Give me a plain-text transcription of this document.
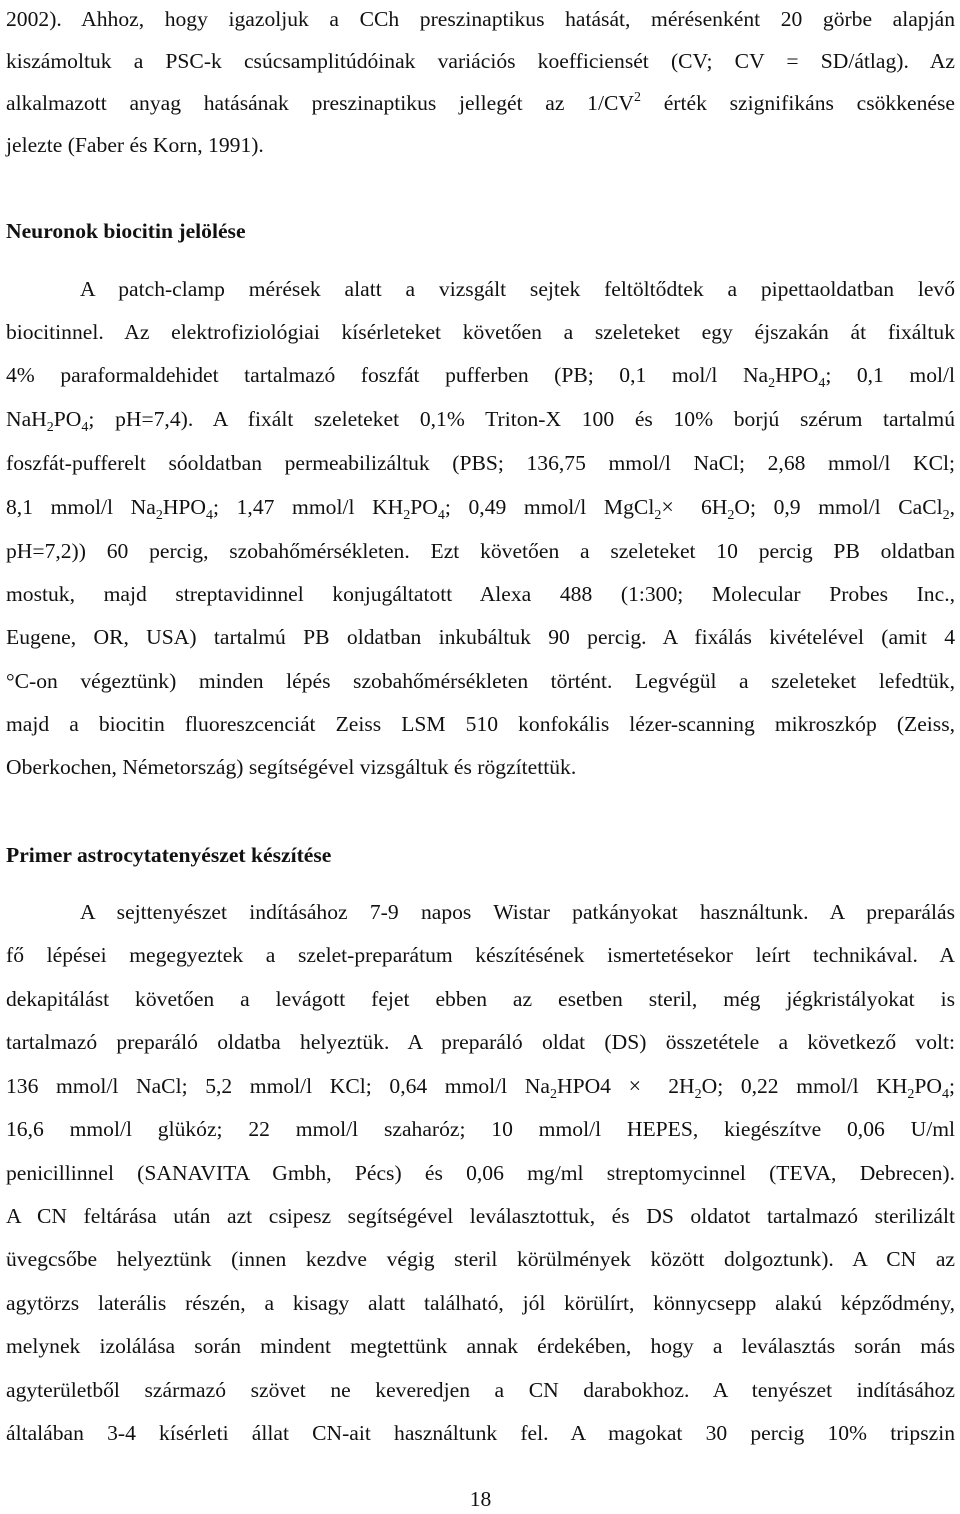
2002). Ahhoz, hogy igazoljuk a CCh preszinaptikus hatását, mérésenként 20 görbe alapján
kiszámoltuk a PSC-k csúcsamplitúdóinak variációs koefficiensét (CV; CV = SD/átlag). Az
alkalmazott anyag hatásának preszinaptikus jellegét az $1/CV^2$ érték szignifikáns csökkenése
jelezte (Faber és Korn, 1991).
Neuronok biocitin jelölése
A patch-clamp mérések alatt a vizsgált sejtek feltöltődtek a pipettaoldatban levő
biocitinnel. Az elektrofiziológiai kísérleteket követően a szeleteket egy éjszakán át fixáltuk
4% paraformaldehidet tartalmazó foszfát pufferben (PB; 0,1 mol/l $Na_2HPO_4$; 0,1 mol/l
$NaH_2PO_4$; pH=7,4). A fixált szeleteket 0,1% Triton-X 100 és 10% borjú szérum tartalmú
foszfát-pufferelt sóoldatban permeabilizáltuk (PBS; 136,75 mmol/l NaCl; 2,68 mmol/l KCl;
8,1 mmol/l $Na_2HPO_4$; 1,47 mmol/l $KH_2PO_4$; 0,49 mmol/l MgCl$_2$× $6H_2O$; 0,9 mmol/l CaCl$_2$,
pH=7,2)) 60 percig, szobahőmérsékleten. Ezt követően a szeleteket 10 percig PB oldatban
mostuk, majd streptavidinnel konjugáltatott Alexa 488 (1:300; Molecular Probes Inc.,
Eugene, OR, USA) tartalmú PB oldatban inkubáltuk 90 percig. A fixálás kivételével (amit 4
°C-on végeztünk) minden lépés szobahőmérsékleten történt. Legvégül a szeleteket lefedtük,
majd a biocitin fluoreszcenciát Zeiss LSM 510 konfokális lézer-scanning mikroszkóp (Zeiss,
Oberkochen, Németország) segítségével vizsgáltuk és rögzítettük.
Primer astrocytatenyészet készítése
A sejttenyészet indításához 7-9 napos Wistar patkányokat használtunk. A preparálás
fő lépései megegyeztek a szelet-preparátum készítésének ismertetésekor leírt technikával. A
dekapitálást követően a levágott fejet ebben az esetben steril, még jégkristályokat is
tartalmazó preparáló oldatba helyeztük. A preparáló oldat (DS) összetétele a következő volt:
136 mmol/l NaCl; 5,2 mmol/l KCl; 0,64 mmol/l $Na_2HPO4 \times 2H_2O$; 0,22 mmol/l $KH_2PO_4$;
16,6 mmol/l glükóz; 22 mmol/l szaharóz; 10 mmol/l HEPES, kiegészítve 0,06 U/ml
penicillinnel (SANAVITA Gmbh, Pécs) és 0,06 mg/ml streptomycinnel (TEVA, Debrecen).
A CN feltárása után azt csipesz segítségével leválasztottuk, és DS oldatot tartalmazó sterilizált
üvegcsőbe helyeztünk (innen kezdve végig steril körülmények között dolgoztunk). A CN az
agytörzs laterális részén, a kisagy alatt található, jól körülírt, könnycsepp alakú képződmény,
melynek izolálása során mindent megtettünk annak érdekében, hogy a leválasztás során más
agyterületből származó szövet ne keveredjen a CN darabokhoz. A tenyészet indításához
általában 3-4 kísérleti állat CN-ait használtunk fel. A magokat 30 percig 10% tripszin
18
